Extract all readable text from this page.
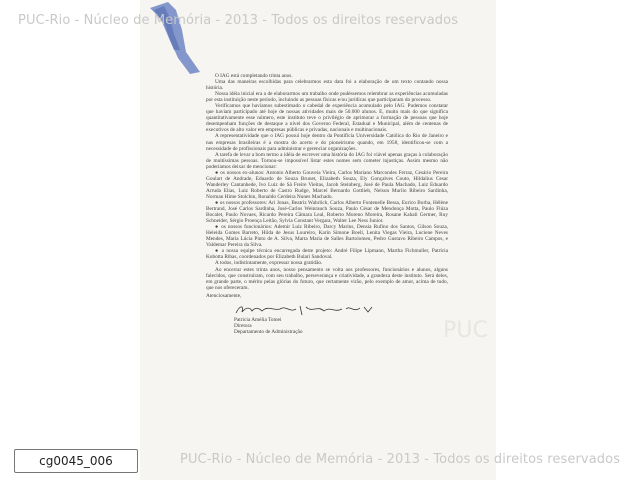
O IAG está completando trinta anos.

Uma das maneiras escolhidas para celebrarmos esta data foi a elaboração de um texto contando nossa história.

Nossa idéia inicial era a de elaborarmos um trabalho onde pudéssemos relembrar as experiências acumuladas por esta instituição neste período, incluindo as pessoas físicas e/ou jurídicas que participaram do processo.

Verificamos que havíamos subestimado o cabedal de experiência acumulado pelo IAG. Pudemos constatar que haviam participado até hoje de nossas atividades mais de 50.000 alunos. E, muito mais do que significa quantitativamente esse número, este instituto teve o privilégio de aprimorar a formação de pessoas que hoje desempenham funções de destaque a nível dos Governo Federal, Estadual e Municipal, além de centenas de executivos de alto valor em empresas públicas e privadas, nacionais e multinacionais.

A representatividade que o IAG possui hoje dentro da Pontifícia Universidade Católica do Rio de Janeiro e nas empresas brasileiras é a mostra do acerto e do pioneirismo quando, em 1958, identificou-se com a necessidade de profissionais para administrar e gerenciar organizações.

A tarefa de levar a bom termo a idéia de escrever uma história do IAG foi viável apenas graças à colaboração de muitíssimas pessoas. Tornou-se impossível listar estes nomes sem cometer injustiças. Assim mesmo não poderíamos deixar de mencionar:

● os nossos ex-alunos: Antonio Alberto Gouveia Vieira, Carlos Mariano Marcondes Ferraz, Cesário Pereira Goulart de Andrade, Eduardo de Souza Brunet, Elizabeth Souza, Ely Gonçalves Couto, Hildalius Cesar Wanderley Cantanhede, Ivo Luiz de Sá Freire Vieitas, Jacob Steinberg, José de Paula Machado, Luiz Eduardo Arruda Elias, Luiz Roberto de Castro Rudge, Marcel Bernardo Gottlieb, Nelson Murilo Ribeiro Sardinha, Norman Hime Stolchin, Ronaldo Cerdeira Nunes Machado.

● os nossos professores: Ari Jonas, Beatriz Wahrlich, Carlos Alberto Fontenelle Bessa, Eurico Borba, Hélène Bertrand, José Carlos Sardinha, José-Carlos Weinrauch Souza, Paulo César de Mendonça Motta, Paulo Flúza Bocalet, Paulo Novaes, Ricardo Pereira Câmara Leal, Roberto Moreno Moreira, Rosane Kahali Gertner, Ruy Schneider, Sérgio Proença Leitão, Sylvia Constant Vergara, Walter Lee Ness Junior.

● os nossos funcionários: Ademir Luiz Ribeiro, Darcy Marins, Densia Rufino dos Santos, Gilson Souza, Heleida Gomes Barreto, Hilda de Jesus Loureiro, Karin Simone Boell, Lenita Viegas Vieira, Luciene Neves Mendes, Maria Lúcia Pinto de A. Silva, Marta Maria de Salles Bartolomeu, Pedro Gustavo Ribeiro Campos, e Valdemar Pereira da Silva.

● a nossa equipe técnica encarregada deste projeto: André Filipe Lipmann, Martha Fichmuller, Patrícia Kubotta Ribas, coordenados por Elizabeth Bulari Sandoval.

A todos, indistintamente, expressar nossa gratidão.

Ao encerrar estes trinta anos, nosso pensamento se volta aos professores, funcionários e alunos, alguns falecidos, que construíram, com seu trabalho, perseverança e criatividade, a grandeza deste instituto. Será deles, em grande parte, o mérito pelas glórias do futuro, que certamente virão, pelo exemplo de amor, acima de tudo, que nos ofereceram.

Atenciosamente,

Patricia Amélia Tomei
Diretora
Departamento de Administração	PUC
PUC-Rio - Núcleo de Memória - 2013 - Todos os direitos reservados
PUC-Rio - Núcleo de Memória - 2013 - Todos os direitos reservados
cg0045_006
